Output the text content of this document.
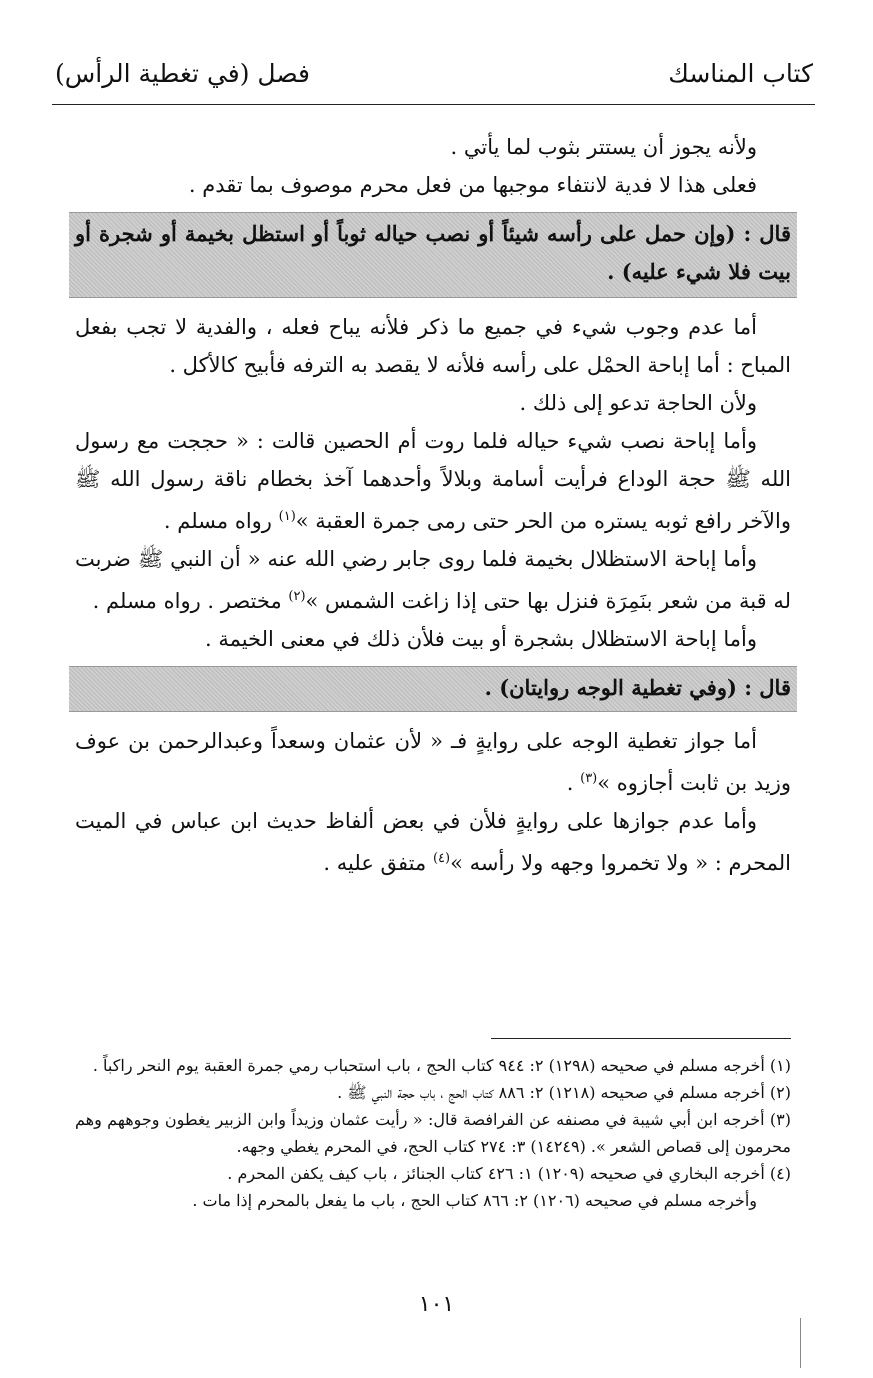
كتاب المناسك
فصل (في تغطية الرأس)

ولأنه يجوز أن يستتر بثوب لما يأتي .

فعلى هذا لا فدية لانتفاء موجبها من فعل محرم موصوف بما تقدم .

قال : (وإن حمل على رأسه شيئاً أو نصب حياله ثوباً أو استظل بخيمة أو شجرة أو بيت فلا شيء عليه) .

أما عدم وجوب شيء في جميع ما ذكر فلأنه يباح فعله ، والفدية لا تجب بفعل المباح : أما إباحة الحمْل على رأسه فلأنه لا يقصد به الترفه فأبيح كالأكل .

ولأن الحاجة تدعو إلى ذلك .

وأما إباحة نصب شيء حياله فلما روت أم الحصين قالت : « حججت مع رسول الله ﷺ حجة الوداع فرأيت أسامة وبلالاً وأحدهما آخذ بخطام ناقة رسول الله ﷺ والآخر رافع ثوبه يستره من الحر حتى رمى جمرة العقبة »$^{(١)}$ رواه مسلم .

وأما إباحة الاستظلال بخيمة فلما روى جابر رضي الله عنه « أن النبي ﷺ ضربت له قبة من شعر بنَمِرَة فنزل بها حتى إذا زاغت الشمس »$^{(٢)}$ مختصر . رواه مسلم .

وأما إباحة الاستظلال بشجرة أو بيت فلأن ذلك في معنى الخيمة .

قال : (وفي تغطية الوجه روايتان) .

أما جواز تغطية الوجه على روايةٍ فـ « لأن عثمان وسعداً وعبدالرحمن بن عوف وزيد بن ثابت أجازوه »$^{(٣)}$ .

وأما عدم جوازها على روايةٍ فلأن في بعض ألفاظ حديث ابن عباس في الميت المحرم : « ولا تخمروا وجهه ولا رأسه »$^{(٤)}$ متفق عليه .

(١) أخرجه مسلم في صحيحه (١٢٩٨) ٢: ٩٤٤ كتاب الحج ، باب استحباب رمي جمرة العقبة يوم النحر راكباً .

(٢) أخرجه مسلم في صحيحه (١٢١٨) ٢: ٨٨٦ كتاب الحج ، باب حجة النبي ﷺ .

(٣) أخرجه ابن أبي شيبة في مصنفه عن الفرافصة قال: « رأيت عثمان وزيداً وابن الزبير يغطون وجوههم وهم محرمون إلى قصاص الشعر ». (١٤٢٤٩) ٣: ٢٧٤ كتاب الحج، في المحرم يغطي وجهه.

(٤) أخرجه البخاري في صحيحه (١٢٠٩) ١: ٤٢٦ كتاب الجنائز ، باب كيف يكفن المحرم .

وأخرجه مسلم في صحيحه (١٢٠٦) ٢: ٨٦٦ كتاب الحج ، باب ما يفعل بالمحرم إذا مات .

١٠١
